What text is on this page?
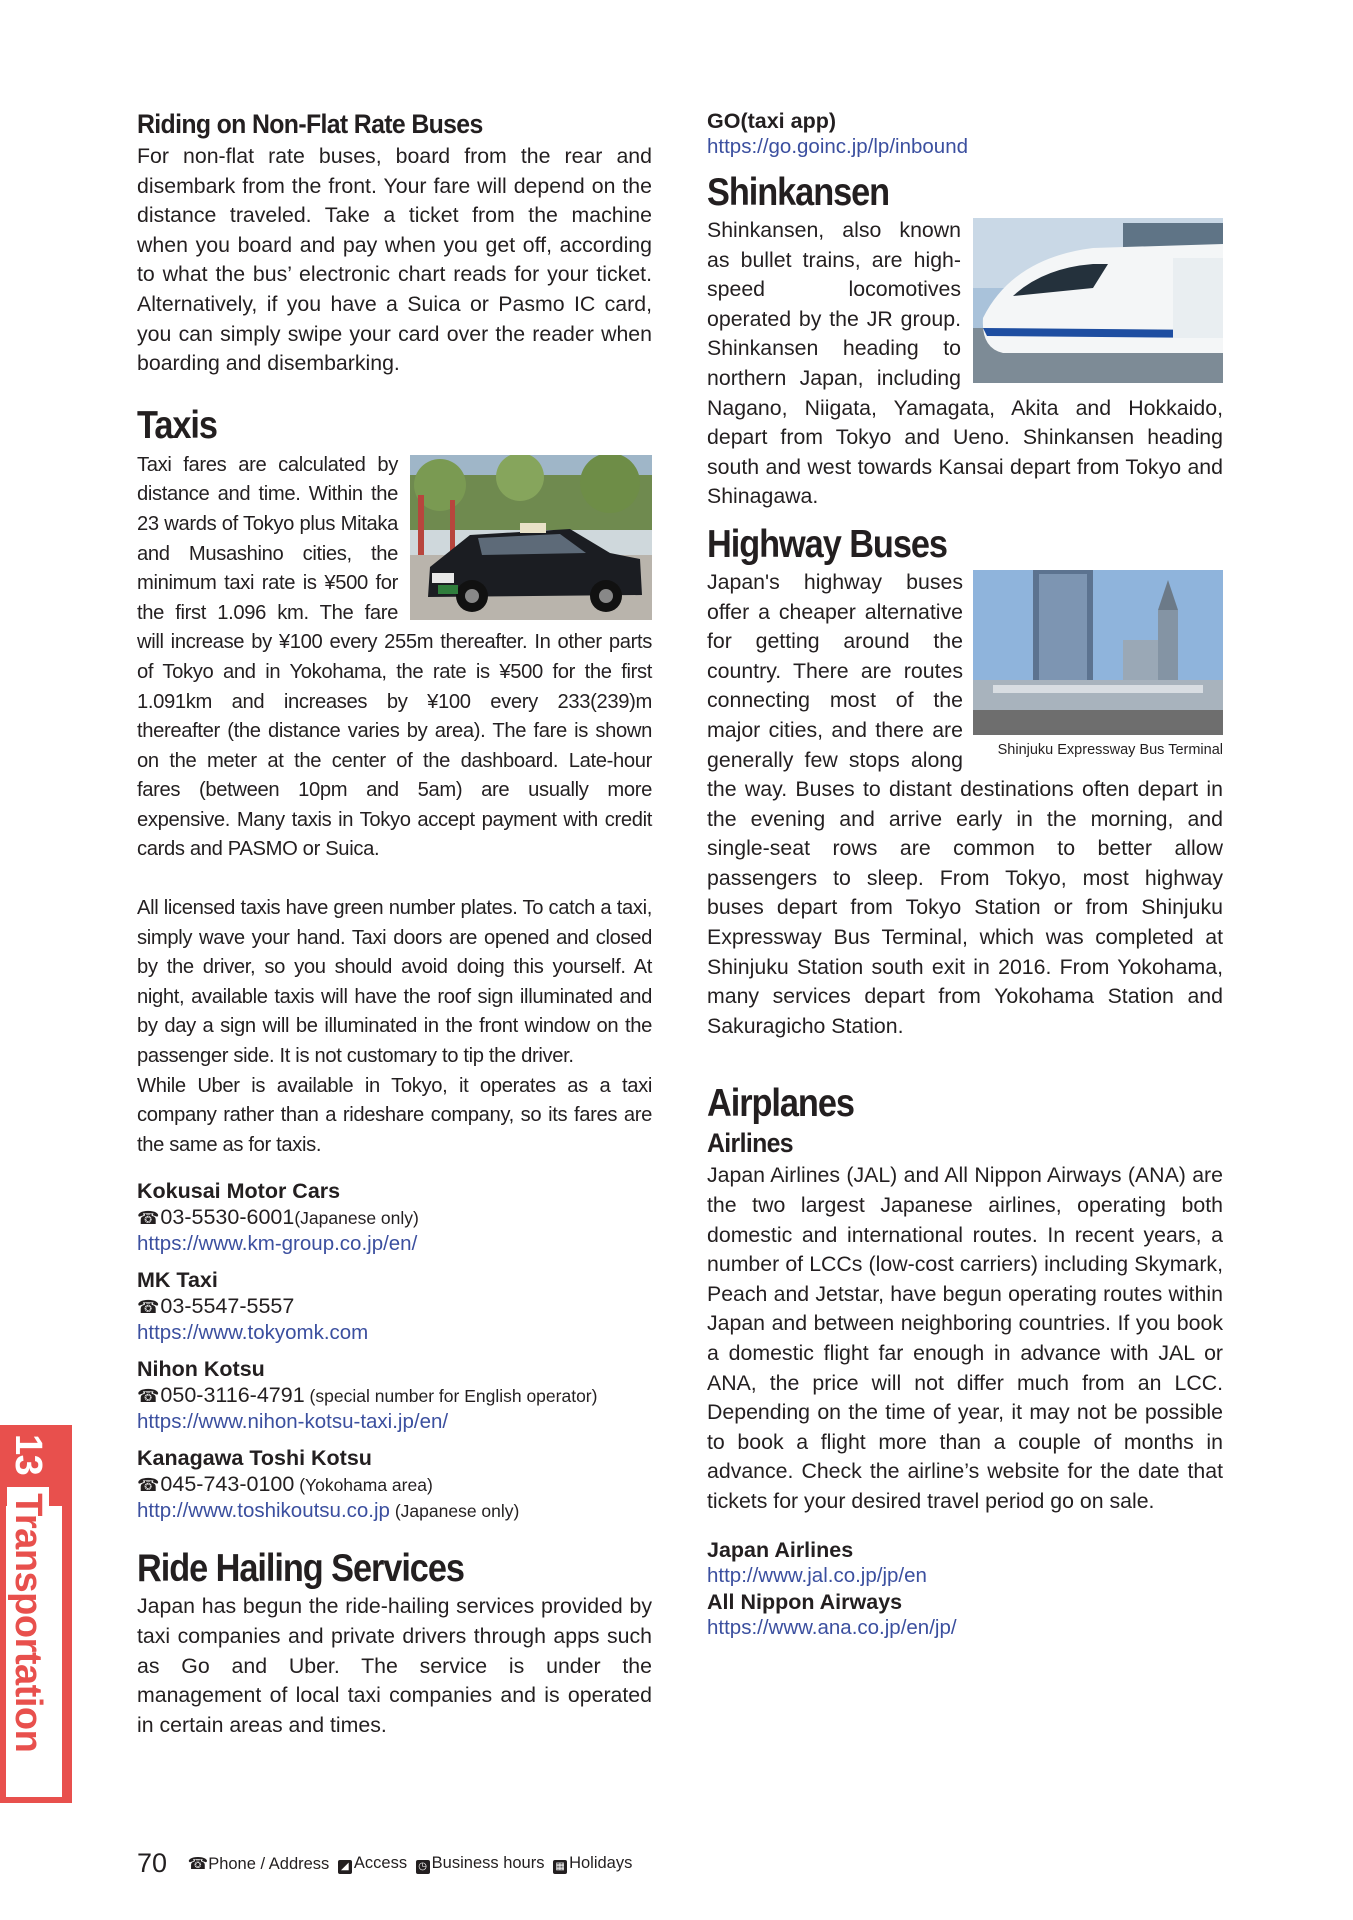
Riding on Non-Flat Rate Buses

For non-flat rate buses, board from the rear and disembark from the front. Your fare will depend on the distance traveled. Take a ticket from the machine when you board and pay when you get off, according to what the bus’ electronic chart reads for your ticket. Alternatively, if you have a Suica or Pasmo IC card, you can simply swipe your card over the reader when boarding and disembarking.

Taxis

Taxi fares are calculated by distance and time. Within the 23 wards of Tokyo plus Mitaka and Musashino cities, the minimum taxi rate is ¥500 for the first 1.096 km. The fare will increase by ¥100 every 255m thereafter. In other parts of Tokyo and in Yokohama, the rate is ¥500 for the first 1.091km and increases by ¥100 every 233(239)m thereafter (the distance varies by area). The fare is shown on the meter at the center of the dashboard. Late-hour fares (between 10pm and 5am) are usually more expensive. Many taxis in Tokyo accept payment with credit cards and PASMO or Suica.

All licensed taxis have green number plates. To catch a taxi, simply wave your hand. Taxi doors are opened and closed by the driver, so you should avoid doing this yourself. At night, available taxis will have the roof sign illuminated and by day a sign will be illuminated in the front window on the passenger side. It is not customary to tip the driver.

While Uber is available in Tokyo, it operates as a taxi company rather than a rideshare company, so its fares are the same as for taxis.

Kokusai Motor Cars

☎03-5530-6001(Japanese only)

https://www.km-group.co.jp/en/

MK Taxi

☎03-5547-5557

https://www.tokyomk.com

Nihon Kotsu

☎050-3116-4791 (special number for English operator)

https://www.nihon-kotsu-taxi.jp/en/

Kanagawa Toshi Kotsu

☎045-743-0100 (Yokohama area)

http://www.toshikoutsu.co.jp (Japanese only)

Ride Hailing Services

Japan has begun the ride-hailing services provided by taxi companies and private drivers through apps such as Go and Uber. The service is under the management of local taxi companies and is operated in certain areas and times.

GO(taxi app)

https://go.goinc.jp/lp/inbound

Shinkansen

Shinkansen, also known as bullet trains, are high-speed locomotives operated by the JR group. Shinkansen heading to northern Japan, including Nagano, Niigata, Yamagata, Akita and Hokkaido, depart from Tokyo and Ueno. Shinkansen heading south and west towards Kansai depart from Tokyo and Shinagawa.

Highway Buses
Shinjuku Expressway Bus Terminal

Japan's highway buses offer a cheaper alternative for getting around the country. There are routes connecting most of the major cities, and there are generally few stops along the way. Buses to distant destinations often depart in the evening and arrive early in the morning, and single-seat rows are common to better allow passengers to sleep. From Tokyo, most highway buses depart from Tokyo Station or from Shinjuku Expressway Bus Terminal, which was completed at Shinjuku Station south exit in 2016. From Yokohama, many services depart from Yokohama Station and Sakuragicho Station.

Airplanes
Airlines

Japan Airlines (JAL) and All Nippon Airways (ANA) are the two largest Japanese airlines, operating both domestic and international routes. In recent years, a number of LCCs (low-cost carriers) including Skymark, Peach and Jetstar, have begun operating routes within Japan and between neighboring countries. If you book a domestic flight far enough in advance with JAL or ANA, the price will not differ much from an LCC. Depending on the time of year, it may not be possible to book a flight more than a couple of months in advance. Check the airline’s website for the date that tickets for your desired travel period go on sale.

Japan Airlines

http://www.jal.co.jp/jp/en

All Nippon Airways

https://www.ana.co.jp/en/jp/

13Transportation
70 ☎Phone / Address ◢ Access ◷ Business hours ▦ Holidays
